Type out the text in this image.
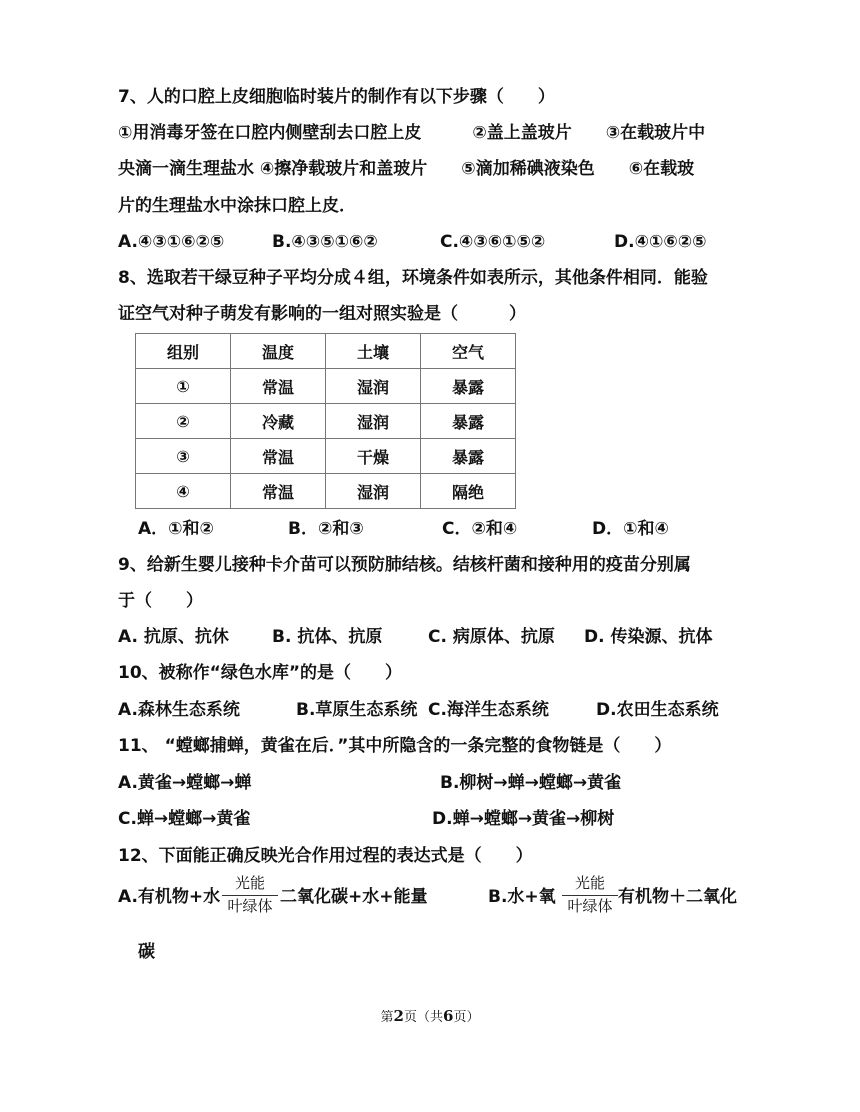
7、人的口腔上皮细胞临时装片的制作有以下步骤（　　）
①用消毒牙签在口腔内侧壁刮去口腔上皮　　　②盖上盖玻片　　③在载玻片中
央滴一滴生理盐水 ④擦净载玻片和盖玻片　　⑤滴加稀碘液染色　　⑥在载玻
片的生理盐水中涂抹口腔上皮．
A.④③①⑥②⑤	B.④③⑤①⑥②	C.④③⑥①⑤②	D.④①⑥②⑤
8、选取若干绿豆种子平均分成４组，环境条件如表所示，其他条件相同．能验
证空气对种子萌发有影响的一组对照实验是（　　　）
组别	温度	土壤	空气
①	常温	湿润	暴露
②	冷藏	湿润	暴露
③	常温	干燥	暴露
④	常温	湿润	隔绝
A．①和②	B．②和③	C．②和④	D．①和④
9、给新生婴儿接种卡介苗可以预防肺结核。结核杆菌和接种用的疫苗分别属
于（　　）
A. 抗原、抗休	B. 抗体、抗原	C. 病原体、抗原 D. 传染源、抗体
10、被称作“绿色水库”的是（　　）
A.森林生态系统	B.草原生态系统 C.海洋生态系统	D.农田生态系统
11、 “螳螂捕蝉，黄雀在后．”其中所隐含的一条完整的食物链是（　　）
A.黄雀→螳螂→蝉	B.柳树→蝉→螳螂→黄雀
C.蝉→螳螂→黄雀	D.蝉→螳螂→黄雀→柳树
12、下面能正确反映光合作用过程的表达式是（　　）
A.有机物+水
光能
叶绿体 二氧化碳+水+能量	B.水+氧
光能
叶绿体 有机物＋二氧化
碳
第2页（共6页）
